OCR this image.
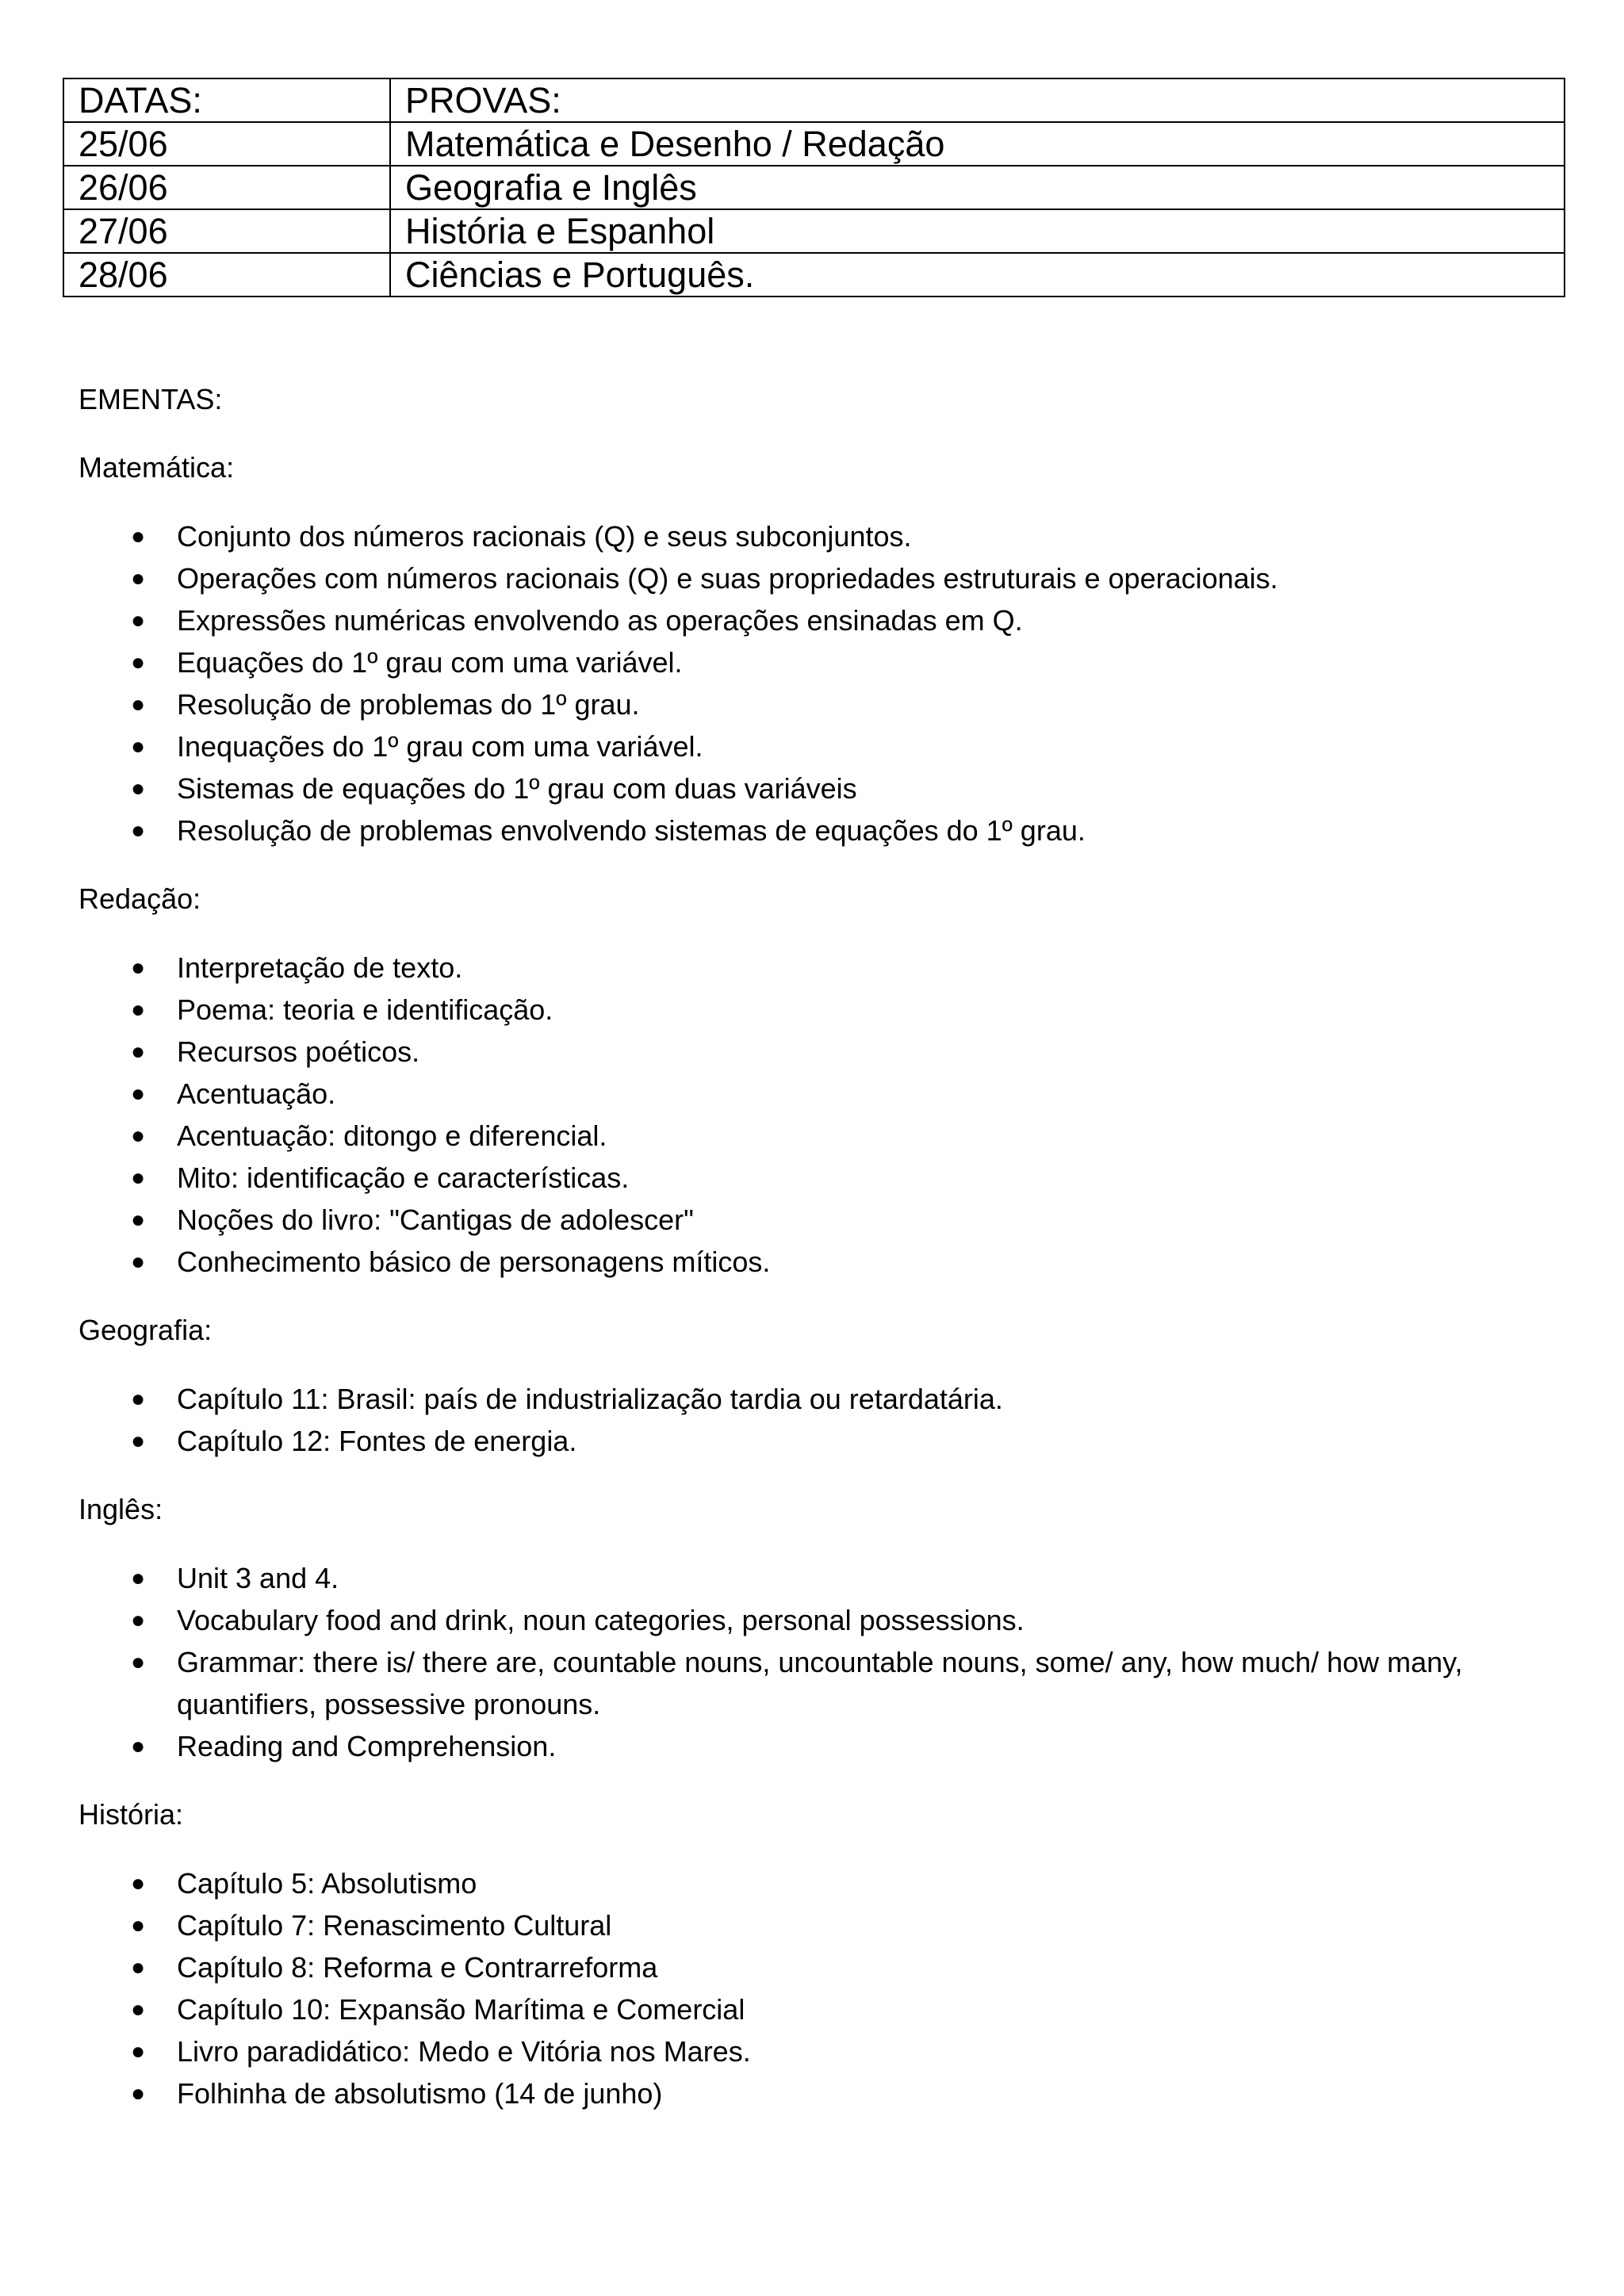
DATAS:	PROVAS:
25/06	Matemática e Desenho / Redação
26/06	Geografia e Inglês
27/06	História e Espanhol
28/06	Ciências e Português.
EMENTAS:
Matemática:
● Conjunto dos números racionais (Q) e seus subconjuntos.
● Operações com números racionais (Q) e suas propriedades estruturais e operacionais.
● Expressões numéricas envolvendo as operações ensinadas em Q.
● Equações do 1º grau com uma variável.
● Resolução de problemas do 1º grau.
● Inequações do 1º grau com uma variável.
● Sistemas de equações do 1º grau com duas variáveis
● Resolução de problemas envolvendo sistemas de equações do 1º grau.
Redação:
● Interpretação de texto.
● Poema: teoria e identificação.
● Recursos poéticos.
● Acentuação.
● Acentuação: ditongo e diferencial.
● Mito: identificação e características.
● Noções do livro: "Cantigas de adolescer"
● Conhecimento básico de personagens míticos.
Geografia:
● Capítulo 11: Brasil: país de industrialização tardia ou retardatária.
● Capítulo 12: Fontes de energia.
Inglês:
● Unit 3 and 4.
● Vocabulary food and drink, noun categories, personal possessions.
● Grammar: there is/ there are, countable nouns, uncountable nouns, some/ any, how much/ how many, quantifiers, possessive pronouns.
● Reading and Comprehension.
História:
● Capítulo 5: Absolutismo
● Capítulo 7: Renascimento Cultural
● Capítulo 8: Reforma e Contrarreforma
● Capítulo 10: Expansão Marítima e Comercial
● Livro paradidático: Medo e Vitória nos Mares.
● Folhinha de absolutismo (14 de junho)
